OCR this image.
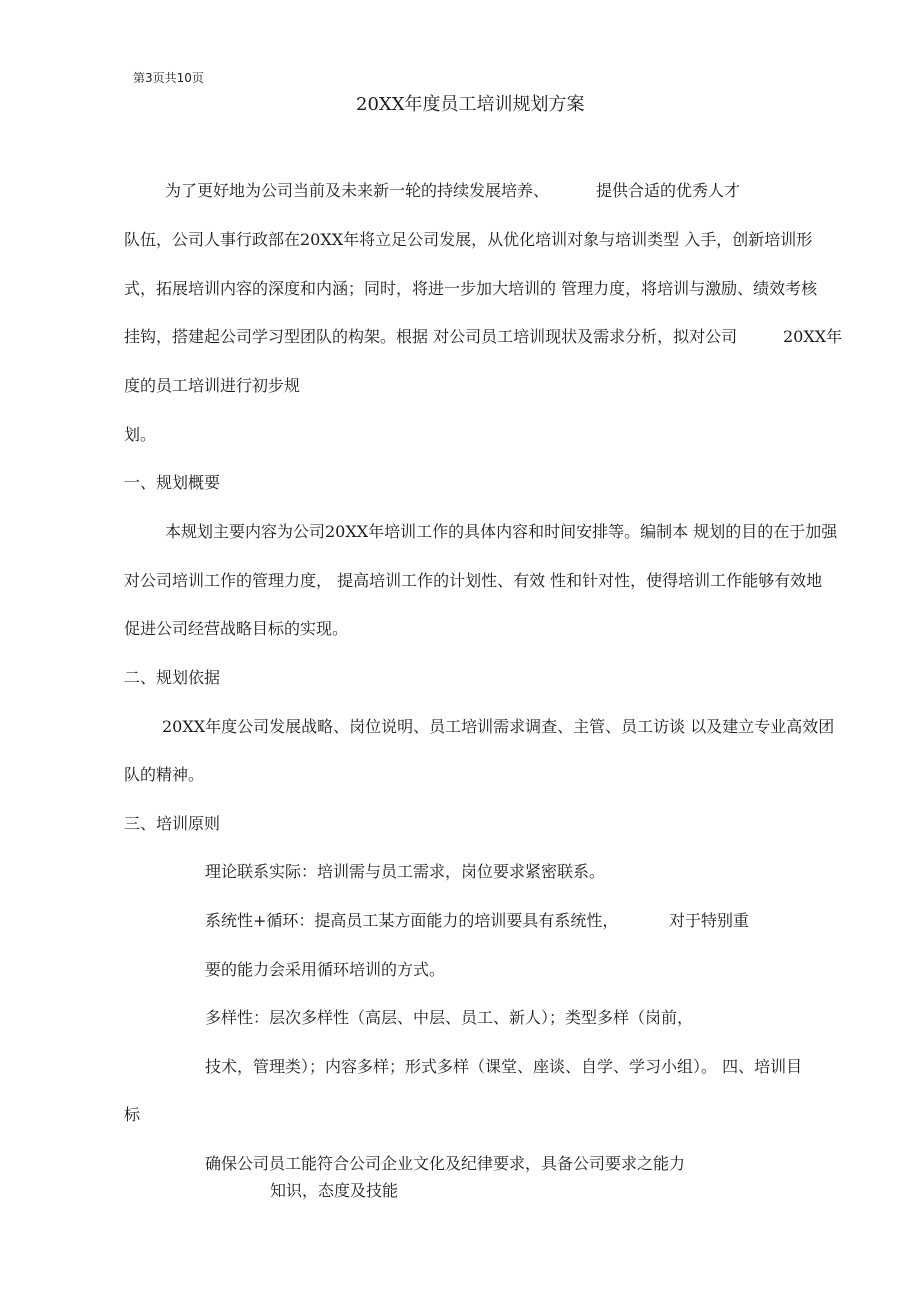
第3页共10页
20XX年度员工培训规划方案
为了更好地为公司当前及未来新一轮的持续发展培养、	提供合适的优秀人才
队伍，公司人事行政部在20XX年将立足公司发展，从优化培训对象与培训类型 入手，创新培训形
式，拓展培训内容的深度和内涵；同时，将进一步加大培训的 管理力度，将培训与激励、绩效考核
挂钩，搭建起公司学习型团队的构架。根据 对公司员工培训现状及需求分析，拟对公司	20XX年
度的员工培训进行初步规
划。
一、规划概要
本规划主要内容为公司20XX年培训工作的具体内容和时间安排等。编制本 规划的目的在于加强
对公司培训工作的管理力度， 提高培训工作的计划性、有效 性和针对性，使得培训工作能够有效地
促进公司经营战略目标的实现。
二、规划依据
20XX年度公司发展战略、岗位说明、员工培训需求调查、主管、员工访谈 以及建立专业高效团
队的精神。
三、培训原则
理论联系实际：培训需与员工需求，岗位要求紧密联系。
系统性+循环：提高员工某方面能力的培训要具有系统性，	对于特别重
要的能力会采用循环培训的方式。
多样性：层次多样性（高层、中层、员工、新人）；类型多样（岗前，
技术，管理类）；内容多样；形式多样（课堂、座谈、自学、学习小组）。 四、培训目
标
确保公司员工能符合公司企业文化及纪律要求，具备公司要求之能力
知识，态度及技能
